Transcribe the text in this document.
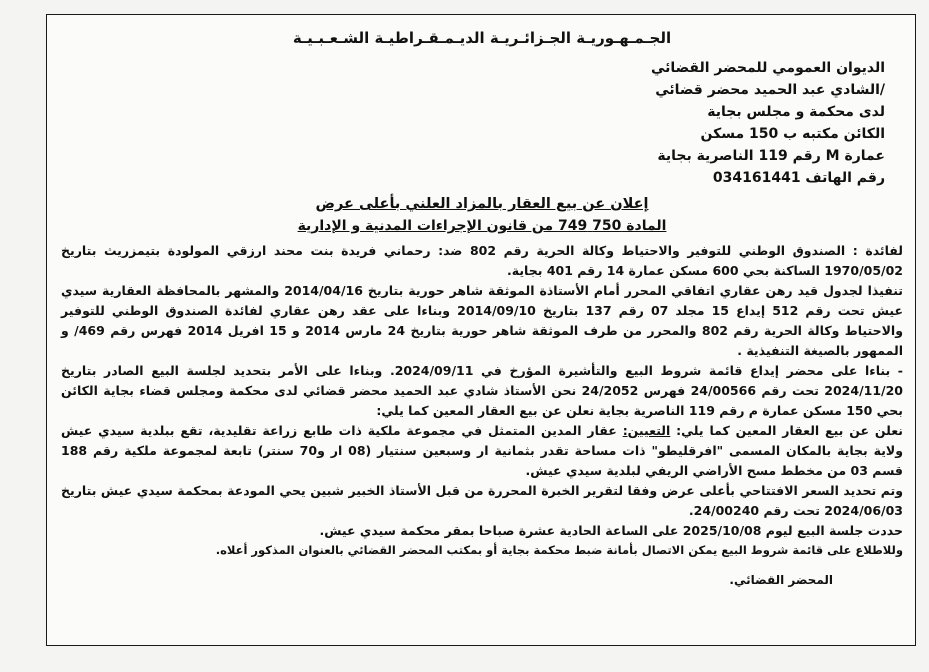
الجـمـهـوريـة الجـزائـريـة الديـمـقـراطيـة الشـعـبـيـة
الديوان العمومي للمحضر القضائي
/الشادي عبد الحميد محضر قضائي
لدى محكمة و مجلس بجاية
الكائن مكتبه ب 150 مسكن
عمارة M رقم 119 الناصرية بجاية
رقم الهاتف 034161441
إعلان عن بيع العقار بالمزاد العلني بأعلى عرض
المادة 750 749 من قانون الإجراءات المدنية و الإدارية

لفائدة : الصندوق الوطني للتوفير والاحتياط وكالة الحرية رقم 802 ضد: رحماني فريدة بنت محند ارزقي المولودة بتيمزريث بتاريخ 1970/05/02 الساكنة بحي 600 مسكن عمارة 14 رقم 401 بجاية.

تنفيذا لجدول قيد رهن عقاري اتفاقي المحرر أمام الأستاذة الموثقة شاهر حورية بتاريخ 2014/04/16 والمشهر بالمحافظة العقارية سيدي عيش تحت رقم 512 إيداع 15 مجلد 07 رقم 137 بتاريخ 2014/09/10 وبناءا على عقد رهن عقاري لفائدة الصندوق الوطني للتوفير والاحتياط وكالة الحرية رقم 802 والمحرر من طرف الموثقة شاهر حورية بتاريخ 24 مارس 2014 و 15 افريل 2014 فهرس رقم 469/ و الممهور بالصيغة التنفيذية .

- بناءا على محضر إيداع قائمة شروط البيع والتأشيرة المؤرخ في 2024/09/11. وبناءا على الأمر بتحديد لجلسة البيع الصادر بتاريخ 2024/11/20 تحت رقم 24/00566 فهرس 24/2052 نحن الأستاذ شادي عبد الحميد محضر قضائي لدى محكمة ومجلس قضاء بجاية الكائن بحي 150 مسكن عمارة م رقم 119 الناصرية بجاية نعلن عن بيع العقار المعين كما يلي:

نعلن عن بيع العقار المعين كما يلي: التعيين: عقار المدين المتمثل في مجموعة ملكية ذات طابع زراعة تقليدية، تقع ببلدية سيدي عيش ولاية بجاية بالمكان المسمى "افرقليطو" ذات مساحة تقدر بثمانية ار وسبعين سنتيار (08 ار و70 سنتر) تابعة لمجموعة ملكية رقم 188 قسم 03 من مخطط مسح الأراضي الريفي لبلدية سيدي عيش.

وتم تحديد السعر الافتتاحي بأعلى عرض وفقا لتقرير الخبرة المحررة من قبل الأستاذ الخبير شبين يحي المودعة بمحكمة سيدي عيش بتاريخ 2024/06/03 تحت رقم 24/00240.

حددت جلسة البيع ليوم 2025/10/08 على الساعة الحادية عشرة صباحا بمقر محكمة سيدي عيش.

وللاطلاع على قائمة شروط البيع يمكن الاتصال بأمانة ضبط محكمة بجاية أو بمكتب المحضر القضائي بالعنوان المذكور أعلاه.

المحضر القضائي.
